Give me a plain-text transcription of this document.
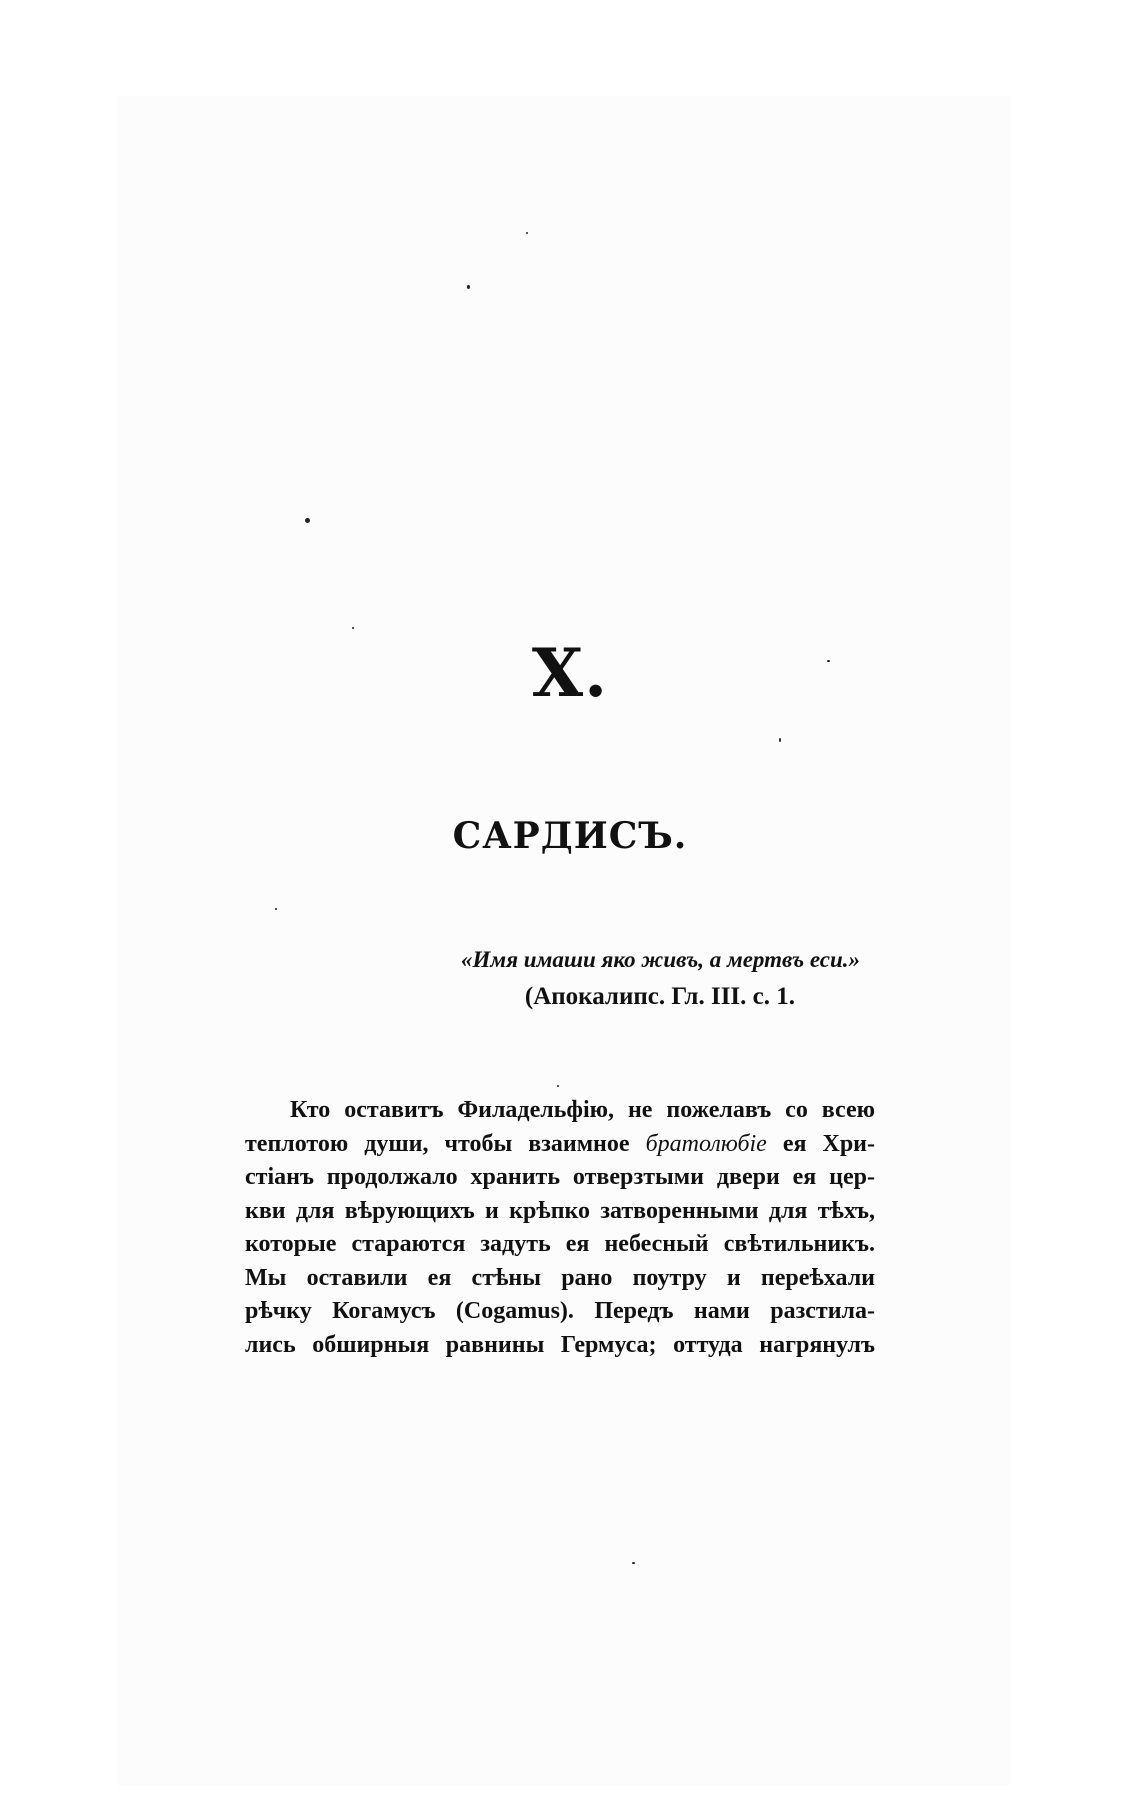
X.
САРДИСЪ.
«Имя имаши яко живъ, а мертвъ еси.»
(Апокалипс. Гл. III. с. 1.
Кто оставитъ Филадельфію, не пожелавъ со всею
теплотою души, чтобы взаимное братолюбіе ея Хри-
стіанъ продолжало хранить отверзтыми двери ея цер-
кви для вѣрующихъ и крѣпко затворенными для тѣхъ,
которые стараются задуть ея небесный свѣтильникъ.
Мы оставили ея стѣны рано поутру и переѣхали
рѣчку Когамусъ (Cogamus). Передъ нами разстила-
лись обширныя равнины Гермуса; оттуда нагрянулъ
